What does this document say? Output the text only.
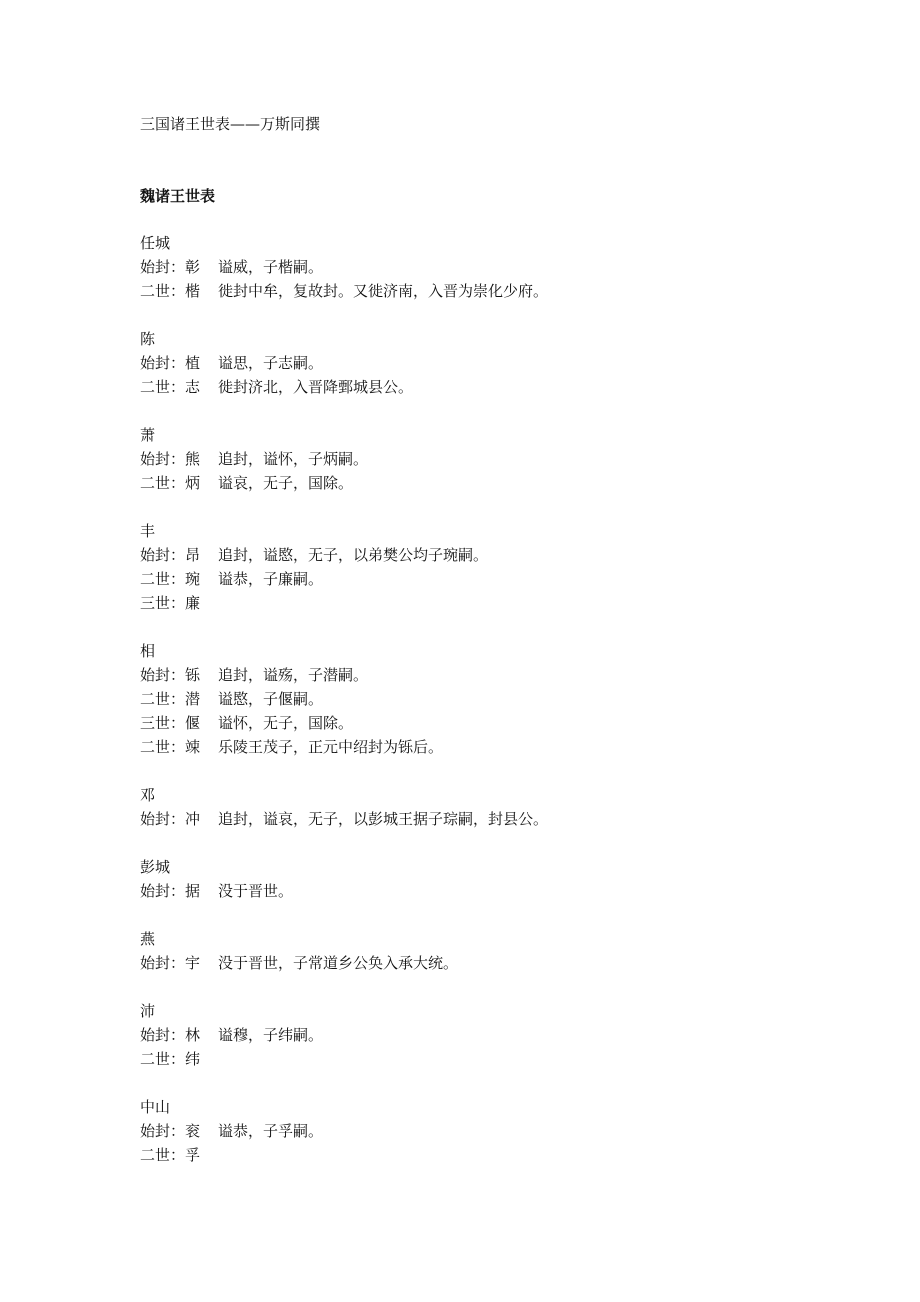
三国诸王世表——万斯同撰
魏诸王世表
任城
始封： 彰 谥威，子楷嗣。
二世： 楷 徙封中牟，复故封。又徙济南，入晋为崇化少府。
陈
始封： 植 谥思，子志嗣。
二世： 志 徙封济北，入晋降鄄城县公。
萧
始封： 熊 追封，谥怀，子炳嗣。
二世： 炳 谥哀，无子，国除。
丰
始封： 昂 追封，谥愍，无子，以弟樊公均子琬嗣。
二世： 琬 谥恭，子廉嗣。
三世： 廉
相
始封： 铄 追封，谥殇，子潜嗣。
二世： 潜 谥愍，子偃嗣。
三世： 偃 谥怀，无子，国除。
二世： 竦 乐陵王茂子，正元中绍封为铄后。
邓
始封： 冲 追封，谥哀，无子，以彭城王据子琮嗣，封县公。
彭城
始封： 据 没于晋世。
燕
始封： 宇 没于晋世，子常道乡公奂入承大统。
沛
始封： 林 谥穆，子纬嗣。
二世： 纬
中山
始封： 衮 谥恭，子孚嗣。
二世： 孚
